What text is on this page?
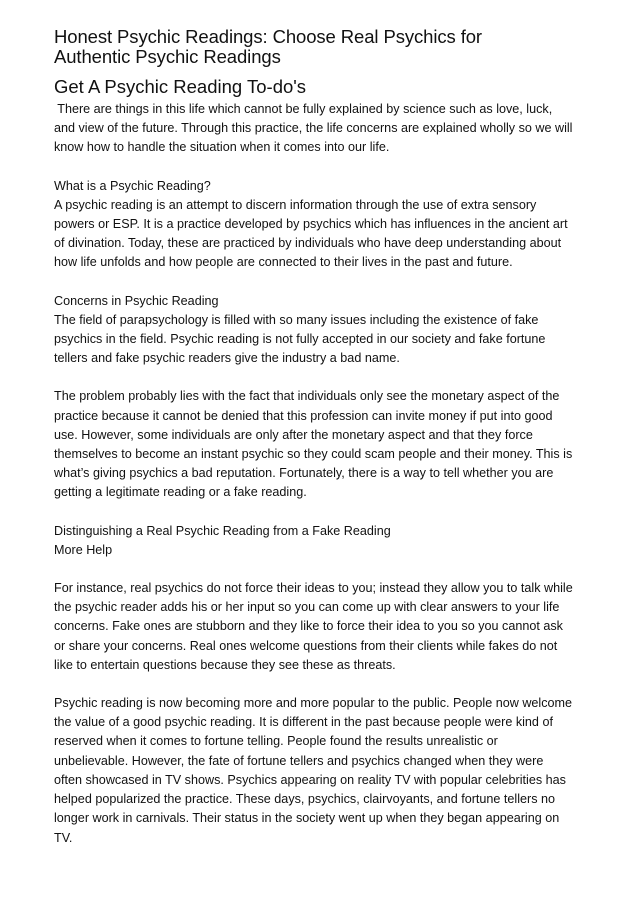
Honest Psychic Readings: Choose Real Psychics for
Authentic Psychic Readings
Get A Psychic Reading To-do's
There are things in this life which cannot be fully explained by science such as love, luck,
and view of the future. Through this practice, the life concerns are explained wholly so we will
know how to handle the situation when it comes into our life.
What is a Psychic Reading?
A psychic reading is an attempt to discern information through the use of extra sensory
powers or ESP. It is a practice developed by psychics which has influences in the ancient art
of divination. Today, these are practiced by individuals who have deep understanding about
how life unfolds and how people are connected to their lives in the past and future.
Concerns in Psychic Reading
The field of parapsychology is filled with so many issues including the existence of fake
psychics in the field. Psychic reading is not fully accepted in our society and fake fortune
tellers and fake psychic readers give the industry a bad name.
The problem probably lies with the fact that individuals only see the monetary aspect of the
practice because it cannot be denied that this profession can invite money if put into good
use. However, some individuals are only after the monetary aspect and that they force
themselves to become an instant psychic so they could scam people and their money. This is
what’s giving psychics a bad reputation. Fortunately, there is a way to tell whether you are
getting a legitimate reading or a fake reading.
Distinguishing a Real Psychic Reading from a Fake Reading
More Help
For instance, real psychics do not force their ideas to you; instead they allow you to talk while
the psychic reader adds his or her input so you can come up with clear answers to your life
concerns. Fake ones are stubborn and they like to force their idea to you so you cannot ask
or share your concerns. Real ones welcome questions from their clients while fakes do not
like to entertain questions because they see these as threats.
Psychic reading is now becoming more and more popular to the public. People now welcome
the value of a good psychic reading. It is different in the past because people were kind of
reserved when it comes to fortune telling. People found the results unrealistic or
unbelievable. However, the fate of fortune tellers and psychics changed when they were
often showcased in TV shows. Psychics appearing on reality TV with popular celebrities has
helped popularized the practice. These days, psychics, clairvoyants, and fortune tellers no
longer work in carnivals. Their status in the society went up when they began appearing on
TV.
